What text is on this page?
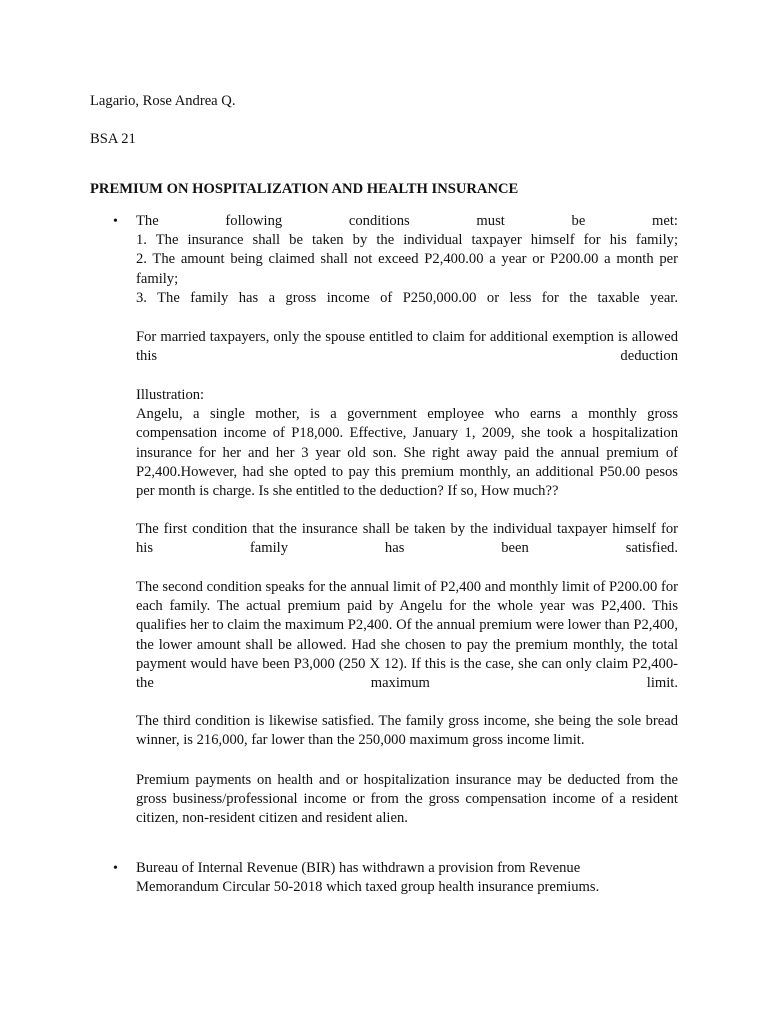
Lagario, Rose Andrea Q.

BSA 21

PREMIUM ON HOSPITALIZATION AND HEALTH INSURANCE

• The following conditions must be met:

1. The insurance shall be taken by the individual taxpayer himself for his family;

2. The amount being claimed shall not exceed P2,400.00 a year or P200.00 a month per family;

3. The family has a gross income of P250,000.00 or less for the taxable year.

For married taxpayers, only the spouse entitled to claim for additional exemption is allowed this deduction

Illustration:

Angelu, a single mother, is a government employee who earns a monthly gross compensation income of P18,000. Effective, January 1, 2009, she took a hospitalization insurance for her and her 3 year old son. She right away paid the annual premium of P2,400.However, had she opted to pay this premium monthly, an additional P50.00 pesos per month is charge. Is she entitled to the deduction? If so, How much??

The first condition that the insurance shall be taken by the individual taxpayer himself for his family has been satisfied.

The second condition speaks for the annual limit of P2,400 and monthly limit of P200.00 for each family. The actual premium paid by Angelu for the whole year was P2,400. This qualifies her to claim the maximum P2,400. Of the annual premium were lower than P2,400, the lower amount shall be allowed. Had she chosen to pay the premium monthly, the total payment would have been P3,000 (250 X 12). If this is the case, she can only claim P2,400- the maximum limit.

The third condition is likewise satisfied. The family gross income, she being the sole bread winner, is 216,000, far lower than the 250,000 maximum gross income limit.

Premium payments on health and or hospitalization insurance may be deducted from the gross business/professional income or from the gross compensation income of a resident citizen, non-resident citizen and resident alien.

• Bureau of Internal Revenue (BIR) has withdrawn a provision from Revenue

Memorandum Circular 50-2018 which taxed group health insurance premiums.
